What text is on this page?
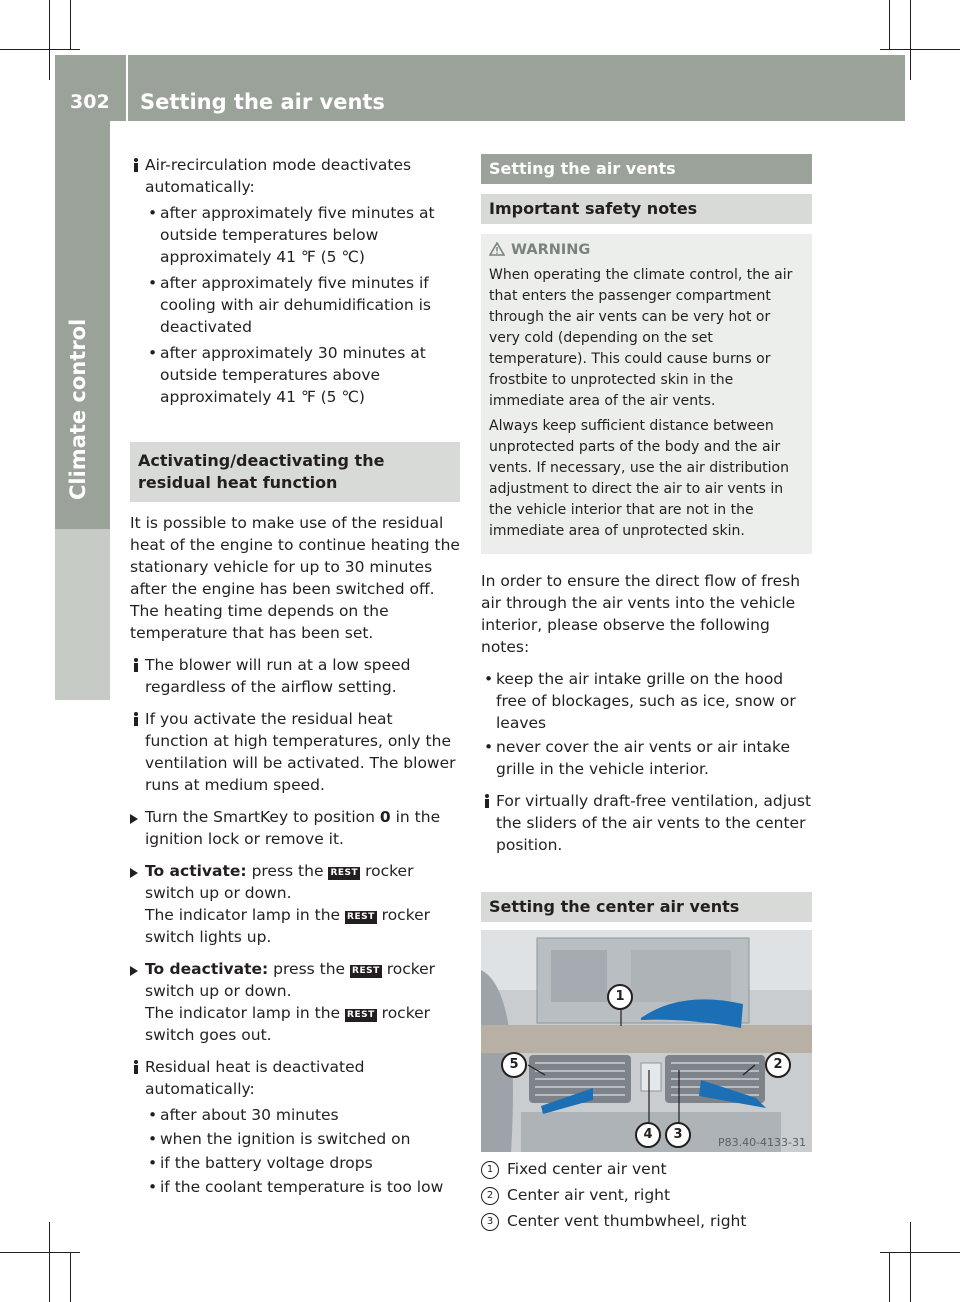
302 Setting the air vents
Climate control
Air-recirculation mode deactivates automatically:
• after approximately five minutes at
outside temperatures below
approximately 41 ℉ (5 ℃)
• after approximately five minutes if
cooling with air dehumidification is
deactivated
• after approximately 30 minutes at
outside temperatures above
approximately 41 ℉ (5 ℃)
Activating/deactivating the residual heat function

It is possible to make use of the residual heat of the engine to continue heating the stationary vehicle for up to 30 minutes after the engine has been switched off. The heating time depends on the temperature that has been set.

The blower will run at a low speed regardless of the airflow setting.
If you activate the residual heat function at high temperatures, only the ventilation will be activated. The blower runs at medium speed.
Turn the SmartKey to position 0 in the ignition lock or remove it.
To activate: press the REST rocker switch up or down.
The indicator lamp in the REST rocker switch lights up.
To deactivate: press the REST rocker switch up or down.
The indicator lamp in the REST rocker switch goes out.
Residual heat is deactivated automatically:
• after about 30 minutes
• when the ignition is switched on
• if the battery voltage drops
• if the coolant temperature is too low
Setting the air vents
Important safety notes
WARNING

When operating the climate control, the air that enters the passenger compartment through the air vents can be very hot or very cold (depending on the set temperature). This could cause burns or frostbite to unprotected skin in the immediate area of the air vents.

Always keep sufficient distance between unprotected parts of the body and the air vents. If necessary, use the air distribution adjustment to direct the air to air vents in the vehicle interior that are not in the immediate area of unprotected skin.

In order to ensure the direct flow of fresh air through the air vents into the vehicle interior, please observe the following notes:

• keep the air intake grille on the hood free of blockages, such as ice, snow or leaves
• never cover the air vents or air intake grille in the vehicle interior.
For virtually draft-free ventilation, adjust the sliders of the air vents to the center position.
Setting the center air vents
1
2
3
4
5
P83.40-4133-31
1 Fixed center air vent
2 Center air vent, right
3 Center vent thumbwheel, right
